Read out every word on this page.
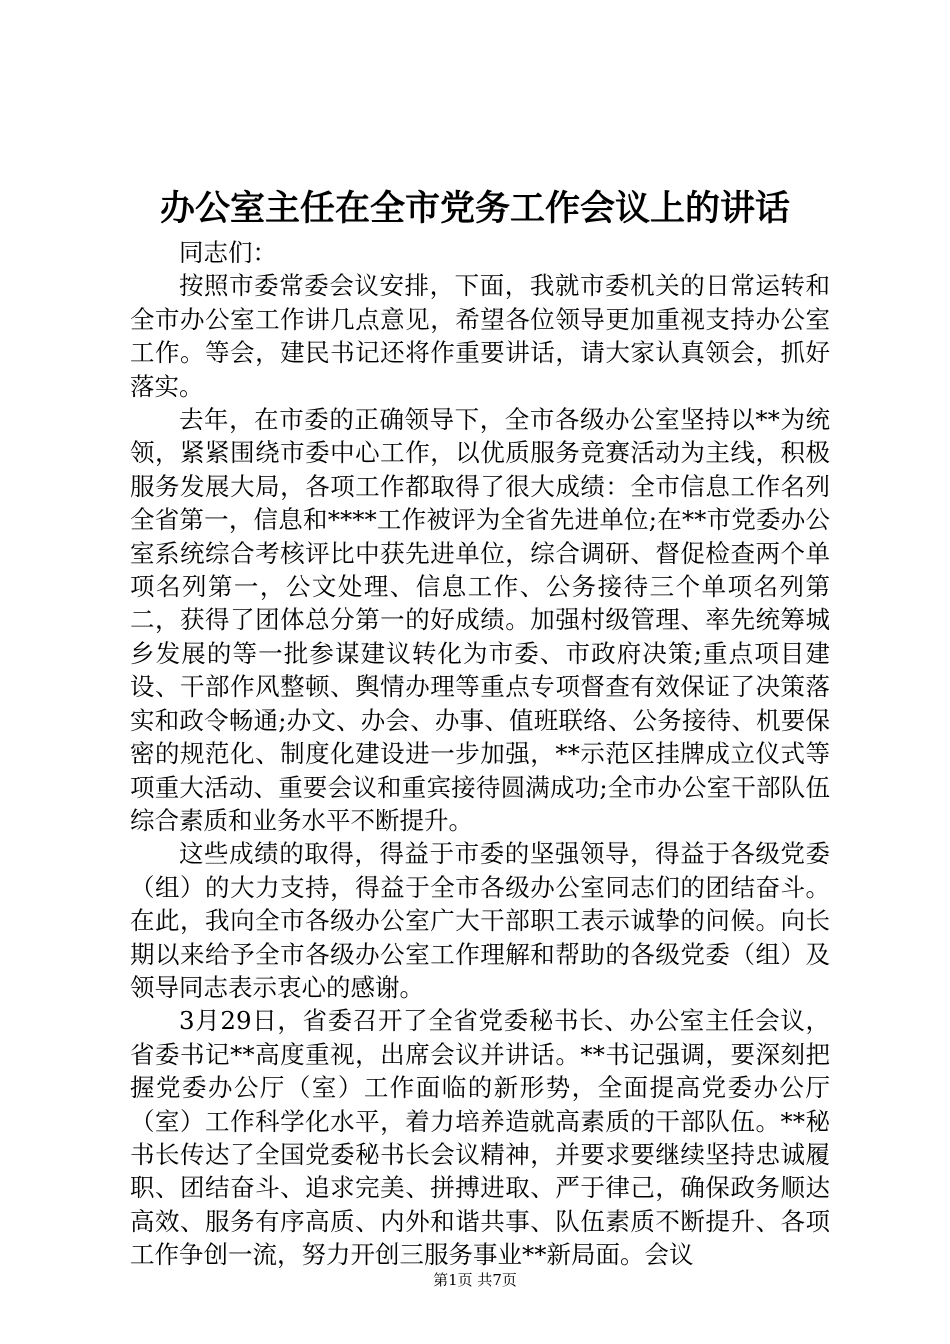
办公室主任在全市党务工作会议上的讲话

同志们：

按照市委常委会议安排，下面，我就市委机关的日常运转和全市办公室工作讲几点意见，希望各位领导更加重视支持办公室工作。等会，建民书记还将作重要讲话，请大家认真领会，抓好落实。

去年，在市委的正确领导下，全市各级办公室坚持以**为统领，紧紧围绕市委中心工作，以优质服务竞赛活动为主线，积极服务发展大局，各项工作都取得了很大成绩：全市信息工作名列全省第一，信息和****工作被评为全省先进单位;在**市党委办公室系统综合考核评比中获先进单位，综合调研、督促检查两个单项名列第一，公文处理、信息工作、公务接待三个单项名列第二，获得了团体总分第一的好成绩。加强村级管理、率先统筹城乡发展的等一批参谋建议转化为市委、市政府决策;重点项目建设、干部作风整顿、舆情办理等重点专项督查有效保证了决策落实和政令畅通;办文、办会、办事、值班联络、公务接待、机要保密的规范化、制度化建设进一步加强，**示范区挂牌成立仪式等项重大活动、重要会议和重宾接待圆满成功;全市办公室干部队伍综合素质和业务水平不断提升。

这些成绩的取得，得益于市委的坚强领导，得益于各级党委（组）的大力支持，得益于全市各级办公室同志们的团结奋斗。在此，我向全市各级办公室广大干部职工表示诚挚的问候。向长期以来给予全市各级办公室工作理解和帮助的各级党委（组）及领导同志表示衷心的感谢。

3月29日，省委召开了全省党委秘书长、办公室主任会议，省委书记**高度重视，出席会议并讲话。**书记强调，要深刻把握党委办公厅（室）工作面临的新形势，全面提高党委办公厅（室）工作科学化水平，着力培养造就高素质的干部队伍。**秘书长传达了全国党委秘书长会议精神，并要求要继续坚持忠诚履职、团结奋斗、追求完美、拼搏进取、严于律己，确保政务顺达高效、服务有序高质、内外和谐共事、队伍素质不断提升、各项工作争创一流，努力开创三服务事业**新局面。会议

第1页 共7页
